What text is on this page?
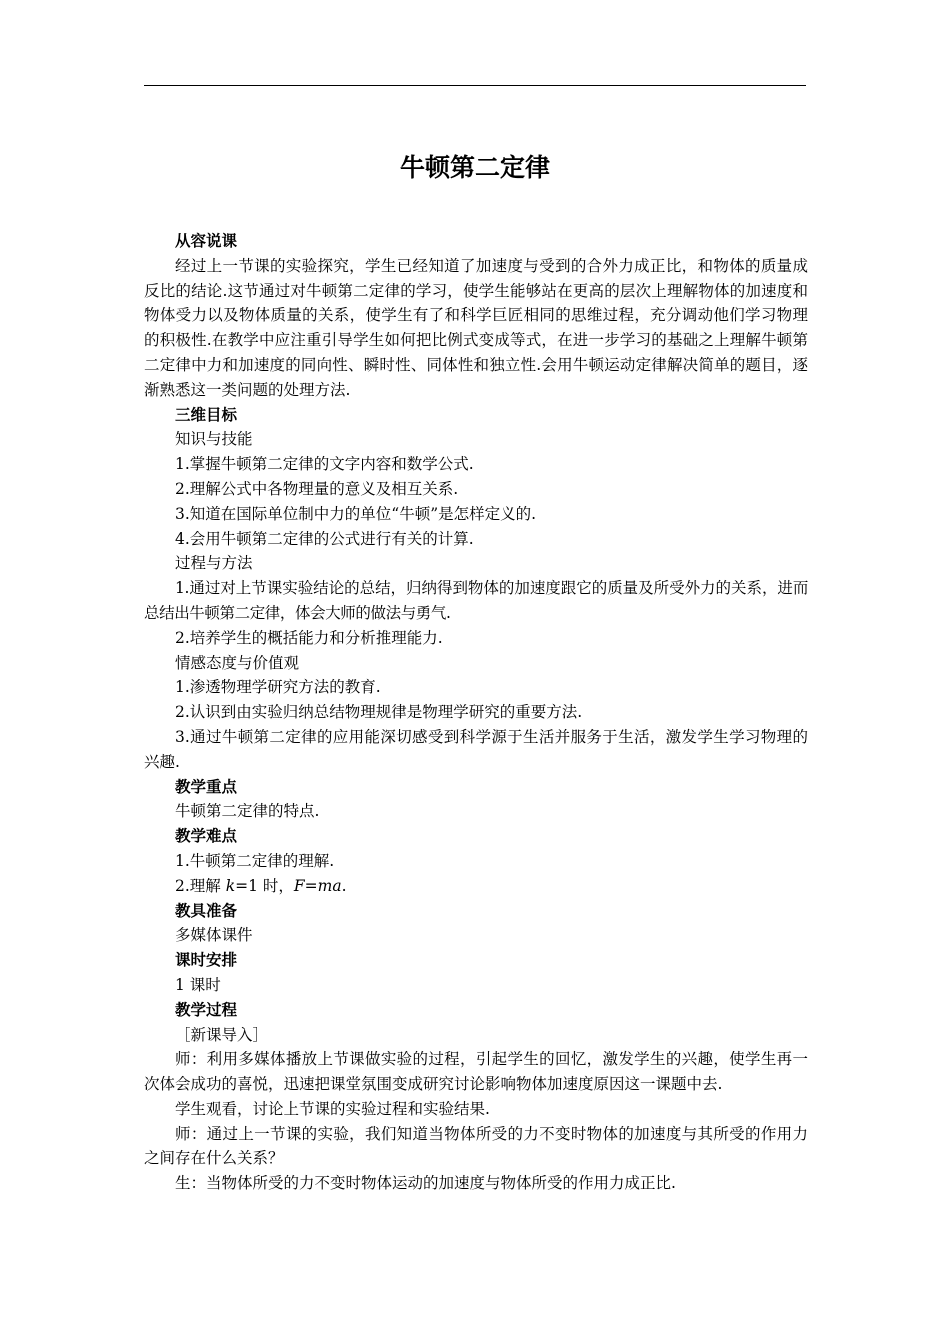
牛顿第二定律

从容说课

经过上一节课的实验探究，学生已经知道了加速度与受到的合外力成正比，和物体的质量成反比的结论.这节通过对牛顿第二定律的学习，使学生能够站在更高的层次上理解物体的加速度和物体受力以及物体质量的关系，使学生有了和科学巨匠相同的思维过程，充分调动他们学习物理的积极性.在教学中应注重引导学生如何把比例式变成等式，在进一步学习的基础之上理解牛顿第二定律中力和加速度的同向性、瞬时性、同体性和独立性.会用牛顿运动定律解决简单的题目，逐渐熟悉这一类问题的处理方法.

三维目标

知识与技能

1.掌握牛顿第二定律的文字内容和数学公式.

2.理解公式中各物理量的意义及相互关系.

3.知道在国际单位制中力的单位“牛顿”是怎样定义的.

4.会用牛顿第二定律的公式进行有关的计算.

过程与方法

1.通过对上节课实验结论的总结，归纳得到物体的加速度跟它的质量及所受外力的关系，进而总结出牛顿第二定律，体会大师的做法与勇气.

2.培养学生的概括能力和分析推理能力.

情感态度与价值观

1.渗透物理学研究方法的教育.

2.认识到由实验归纳总结物理规律是物理学研究的重要方法.

3.通过牛顿第二定律的应用能深切感受到科学源于生活并服务于生活，激发学生学习物理的兴趣.

教学重点

牛顿第二定律的特点.

教学难点

1.牛顿第二定律的理解.

2.理解 k=1 时，F=ma.

教具准备

多媒体课件

课时安排

1 课时

教学过程

［新课导入］

师：利用多媒体播放上节课做实验的过程，引起学生的回忆，激发学生的兴趣，使学生再一次体会成功的喜悦，迅速把课堂氛围变成研究讨论影响物体加速度原因这一课题中去.

学生观看，讨论上节课的实验过程和实验结果.

师：通过上一节课的实验，我们知道当物体所受的力不变时物体的加速度与其所受的作用力之间存在什么关系？

生：当物体所受的力不变时物体运动的加速度与物体所受的作用力成正比.
